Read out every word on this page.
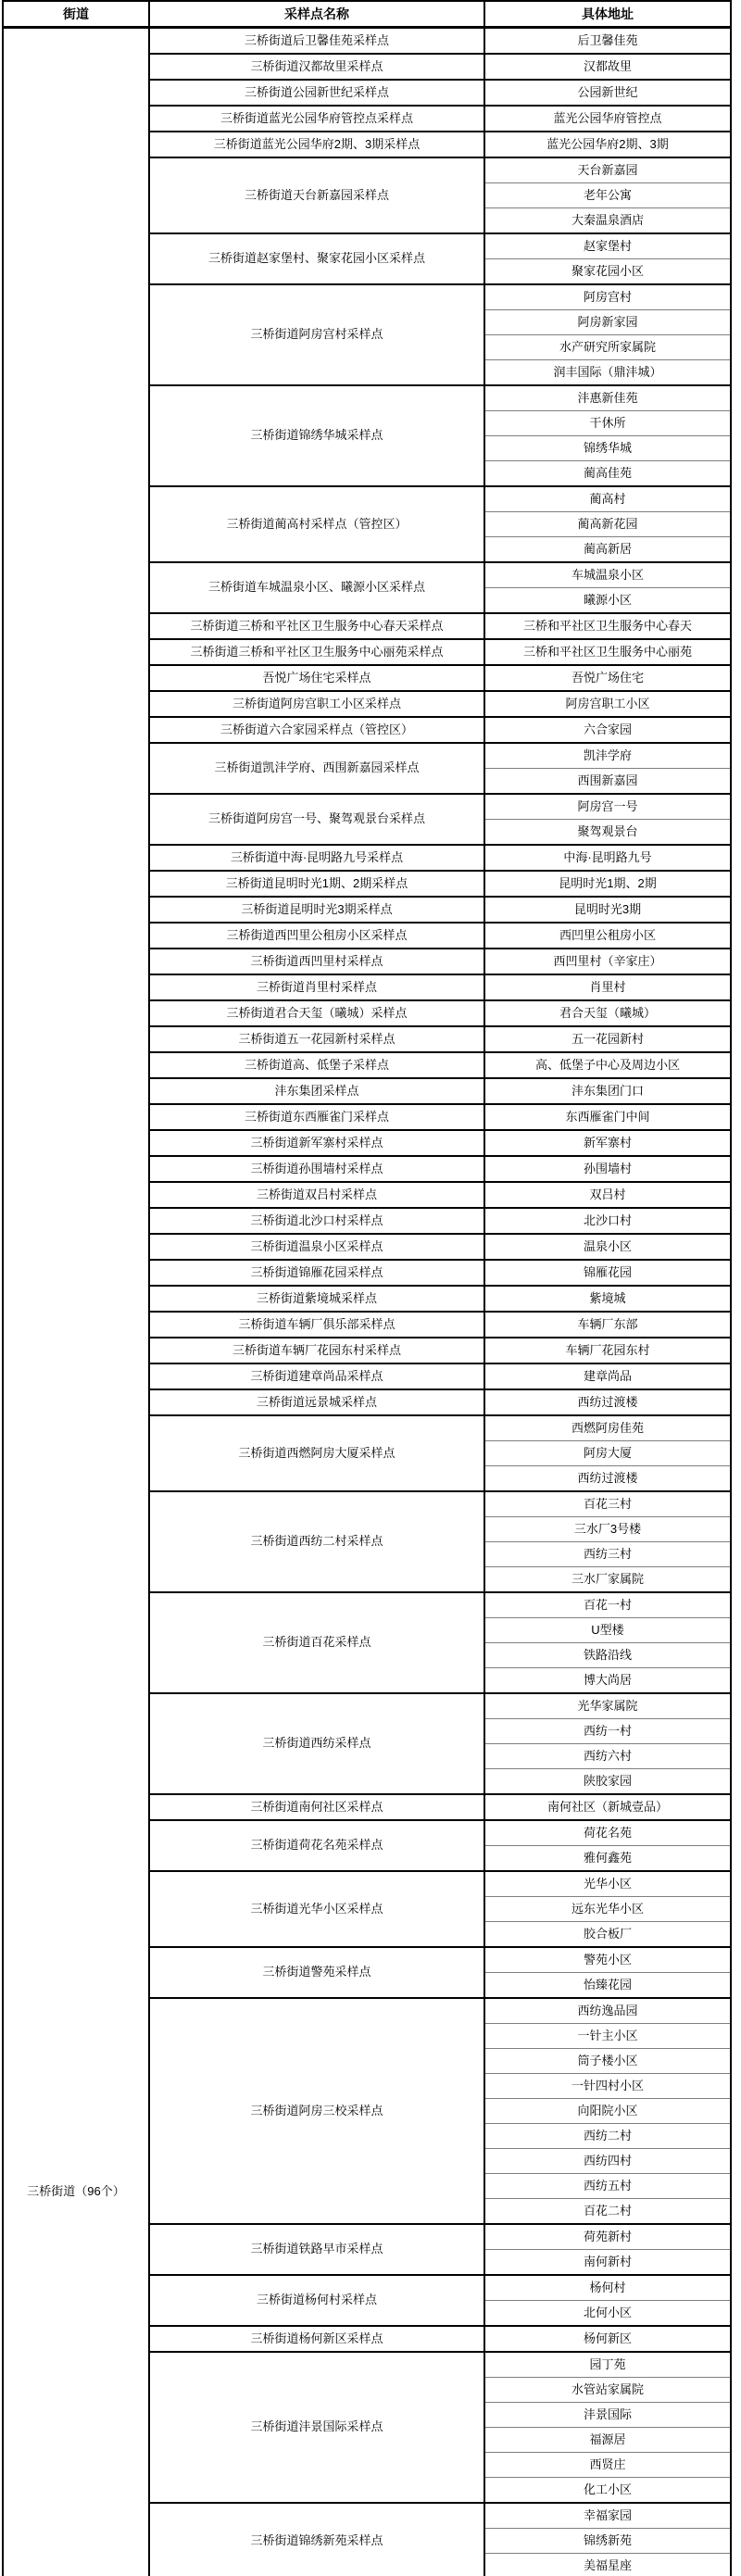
街道	采样点名称	具体地址

三桥街道（96个）	三桥街道后卫馨佳苑采样点	后卫馨佳苑
	三桥街道汉都故里采样点	汉都故里
	三桥街道公园新世纪采样点	公园新世纪
	三桥街道蓝光公园华府管控点采样点	蓝光公园华府管控点
	三桥街道蓝光公园华府2期、3期采样点	蓝光公园华府2期、3期
	三桥街道天台新嘉园采样点	天台新嘉园
		老年公寓
		大秦温泉酒店
	三桥街道赵家堡村、聚家花园小区采样点	赵家堡村
		聚家花园小区
	三桥街道阿房宫村采样点	阿房宫村
		阿房新家园
		水产研究所家属院
		润丰国际（鼎沣城）
	三桥街道锦绣华城采样点	沣惠新佳苑
		干休所
		锦绣华城
		蔺高佳苑
	三桥街道蔺高村采样点（管控区）	蔺高村
		蔺高新花园
		蔺高新居
	三桥街道车城温泉小区、曦源小区采样点	车城温泉小区
		曦源小区
	三桥街道三桥和平社区卫生服务中心春天采样点	三桥和平社区卫生服务中心春天
	三桥街道三桥和平社区卫生服务中心丽苑采样点	三桥和平社区卫生服务中心丽苑
	吾悦广场住宅采样点	吾悦广场住宅
	三桥街道阿房宫职工小区采样点	阿房宫职工小区
	三桥街道六合家园采样点（管控区）	六合家园
	三桥街道凯沣学府、西围新嘉园采样点	凯沣学府
		西围新嘉园
	三桥街道阿房宫一号、聚驾观景台采样点	阿房宫一号
		聚驾观景台
	三桥街道中海·昆明路九号采样点	中海·昆明路九号
	三桥街道昆明时光1期、2期采样点	昆明时光1期、2期
	三桥街道昆明时光3期采样点	昆明时光3期
	三桥街道西凹里公租房小区采样点	西凹里公租房小区
	三桥街道西凹里村采样点	西凹里村（辛家庄）
	三桥街道肖里村采样点	肖里村
	三桥街道君合天玺（曦城）采样点	君合天玺（曦城）
	三桥街道五一花园新村采样点	五一花园新村
	三桥街道高、低堡子采样点	高、低堡子中心及周边小区
	沣东集团采样点	沣东集团门口
	三桥街道东西雁雀门采样点	东西雁雀门中间
	三桥街道新军寨村采样点	新军寨村
	三桥街道孙围墙村采样点	孙围墙村
	三桥街道双吕村采样点	双吕村
	三桥街道北沙口村采样点	北沙口村
	三桥街道温泉小区采样点	温泉小区
	三桥街道锦雁花园采样点	锦雁花园
	三桥街道紫境城采样点	紫境城
	三桥街道车辆厂俱乐部采样点	车辆厂东部
	三桥街道车辆厂花园东村采样点	车辆厂花园东村
	三桥街道建章尚品采样点	建章尚品
	三桥街道远景城采样点	西纺过渡楼
	三桥街道西燃阿房大厦采样点	西燃阿房佳苑
		阿房大厦
		西纺过渡楼
	三桥街道西纺二村采样点	百花三村
		三水厂3号楼
		西纺三村
		三水厂家属院
	三桥街道百花采样点	百花一村
		U型楼
		铁路沿线
		博大尚居
	三桥街道西纺采样点	光华家属院
		西纺一村
		西纺六村
		陕胶家园
	三桥街道南何社区采样点	南何社区（新城壹品）
	三桥街道荷花名苑采样点	荷花名苑
		雅何鑫苑
	三桥街道光华小区采样点	光华小区
		远东光华小区
		胶合板厂
	三桥街道警苑采样点	警苑小区
		怡臻花园
	三桥街道阿房三校采样点	西纺逸品园
		一针主小区
		筒子楼小区
		一针四村小区
		向阳院小区
		西纺二村
		西纺四村
		西纺五村
		百花二村
	三桥街道铁路早市采样点	荷苑新村
		南何新村
	三桥街道杨何村采样点	杨何村
		北何小区
	三桥街道杨何新区采样点	杨何新区
	三桥街道沣景国际采样点	园丁苑
		水管站家属院
		沣景国际
		福源居
		西贤庄
		化工小区
	三桥街道锦绣新苑采样点	幸福家园
		锦绣新苑
		美福星座
